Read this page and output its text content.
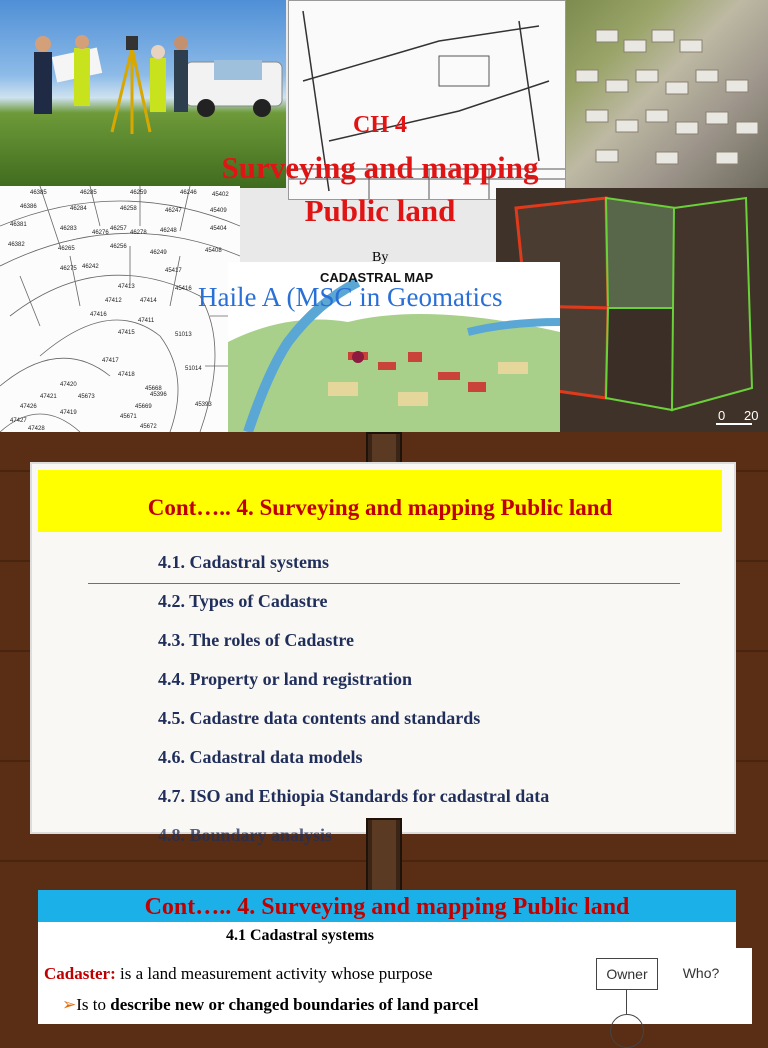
46385	46285	46259	46246	45402
46386	46284	46258	46247	45409
46381
46283	46257	46248	45404
46382
46265	46256
46249
46278
45408
46276
45417
45416
46275 46242
47413
47412
47416
47411
47417
47414
47415
47420
47418
51013
51014
45393
45396
45668
45669
45671
45672
45673
47419
47421
47426
47427
47428
0 20
CH 4
Surveying and mapping
Public land
By
CADASTRAL MAP
Haile A (MSC in Geomatics
Cont….. 4. Surveying and mapping Public land
4.1. Cadastral systems
4.2. Types of Cadastre
4.3. The roles of Cadastre
4.4. Property or land registration
4.5. Cadastre data contents and standards
4.6. Cadastral data models
4.7. ISO and Ethiopia Standards for cadastral data
4.8. Boundary analysis
Cont….. 4. Surveying and mapping Public land
4.1 Cadastral systems
Cadaster: is a land measurement activity whose purpose
➢Is to describe new or changed boundaries of land parcel
Owner	Who?
